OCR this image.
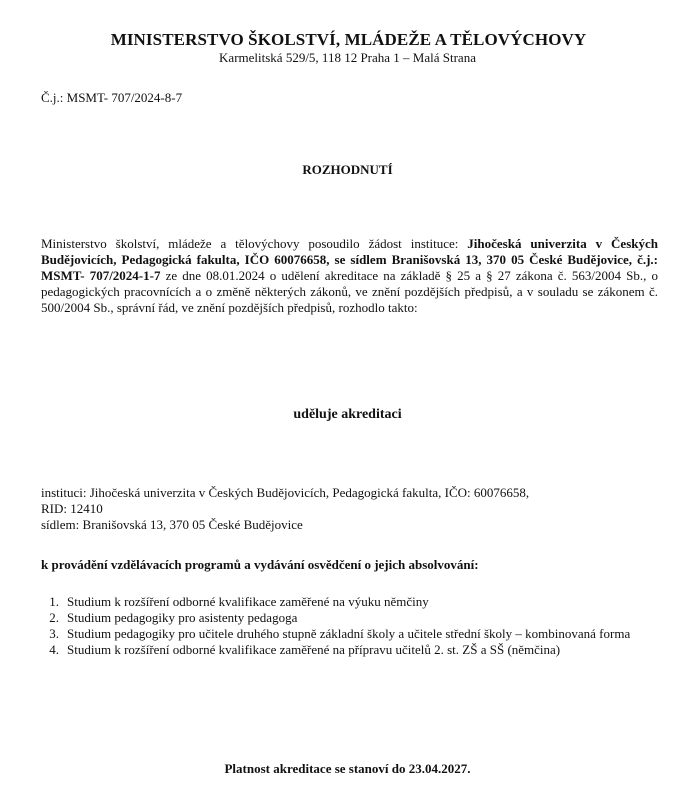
MINISTERSTVO ŠKOLSTVÍ, MLÁDEŽE A TĚLOVÝCHOVY
Karmelitská 529/5, 118 12 Praha 1 – Malá Strana
Č.j.: MSMT- 707/2024-8-7
ROZHODNUTÍ
Ministerstvo školství, mládeže a tělovýchovy posoudilo žádost instituce: Jihočeská univerzita v Českých Budějovicích, Pedagogická fakulta, IČO 60076658, se sídlem Branišovská 13, 370 05 České Budějovice, č.j.: MSMT- 707/2024-1-7 ze dne 08.01.2024 o udělení akreditace na základě § 25 a § 27 zákona č. 563/2004 Sb., o pedagogických pracovnících a o změně některých zákonů, ve znění pozdějších předpisů, a v souladu se zákonem č. 500/2004 Sb., správní řád, ve znění pozdějších předpisů, rozhodlo takto:
uděluje akreditaci
instituci: Jihočeská univerzita v Českých Budějovicích, Pedagogická fakulta, IČO: 60076658,
RID: 12410
sídlem: Branišovská 13, 370 05 České Budějovice
k provádění vzdělávacích programů a vydávání osvědčení o jejich absolvování:
1. Studium k rozšíření odborné kvalifikace zaměřené na výuku němčiny
2. Studium pedagogiky pro asistenty pedagoga
3. Studium pedagogiky pro učitele druhého stupně základní školy a učitele střední školy – kombinovaná forma
4. Studium k rozšíření odborné kvalifikace zaměřené na přípravu učitelů 2. st. ZŠ a SŠ (němčina)
Platnost akreditace se stanoví do 23.04.2027.
